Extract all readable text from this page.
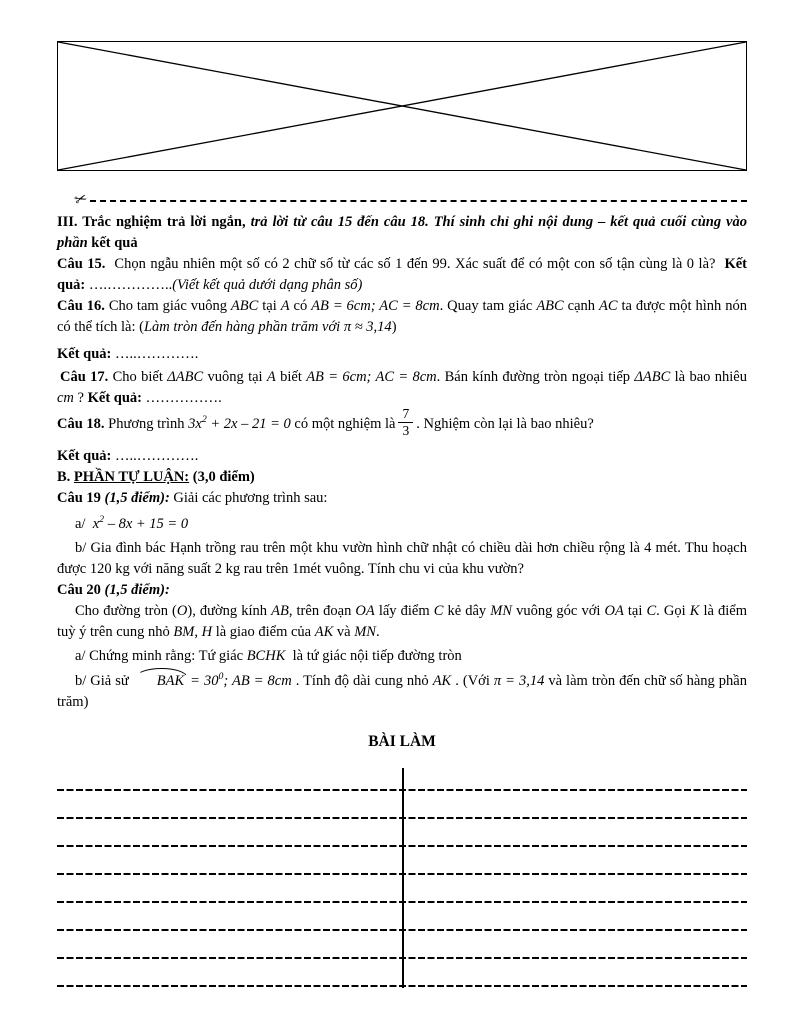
✂

III. Trắc nghiệm trả lời ngắn, trả lời từ câu 15 đến câu 18. Thí sinh chỉ ghi nội dung – kết quả cuối cùng vào phần kết quả

Câu 15.  Chọn ngẫu nhiên một số có 2 chữ số từ các số 1 đến 99. Xác suất để có một con số tận cùng là 0 là?  Kết quả: ….…………..(Viết kết quả dưới dạng phân số)

Câu 16. Cho tam giác vuông ABC tại A có AB = 6cm; AC = 8cm. Quay tam giác ABC cạnh AC ta được một hình nón có thể tích là: (Làm tròn đến hàng phần trăm với π ≈ 3,14)

Kết quả: …..………….

Câu 17. Cho biết ΔABC vuông tại A biết AB = 6cm; AC = 8cm. Bán kính đường tròn ngoại tiếp ΔABC là bao nhiêu cm ? Kết quả: …………….

Câu 18. Phương trình $3x^2 + 2x - 21 = 0$ có một nghiệm là $\frac{7}{3}$ . Nghiệm còn lại là bao nhiêu?

Kết quả: …..………….

B. PHẦN TỰ LUẬN: (3,0 điểm)

Câu 19 (1,5 điểm): Giải các phương trình sau:

a/  $x^2 - 8x + 15 = 0$

b/ Gia đình bác Hạnh trồng rau trên một khu vườn hình chữ nhật có chiều dài hơn chiều rộng là 4 mét. Thu hoạch được 120 kg với năng suất 2 kg rau trên 1mét vuông. Tính chu vi của khu vườn?

Câu 20 (1,5 điểm):

Cho đường tròn (O), đường kính AB, trên đoạn OA lấy điểm C kẻ dây MN vuông góc với OA tại C. Gọi K là điểm tuỳ ý trên cung nhỏ BM, H là giao điểm của AK và MN.

a/ Chứng minh rằng: Tứ giác BCHK  là tứ giác nội tiếp đường tròn

b/ Giả sử  BAK = $30^0$; AB = 8cm . Tính độ dài cung nhỏ AK . (Với π = 3,14 và làm tròn đến chữ số hàng phần trăm)

BÀI LÀM
